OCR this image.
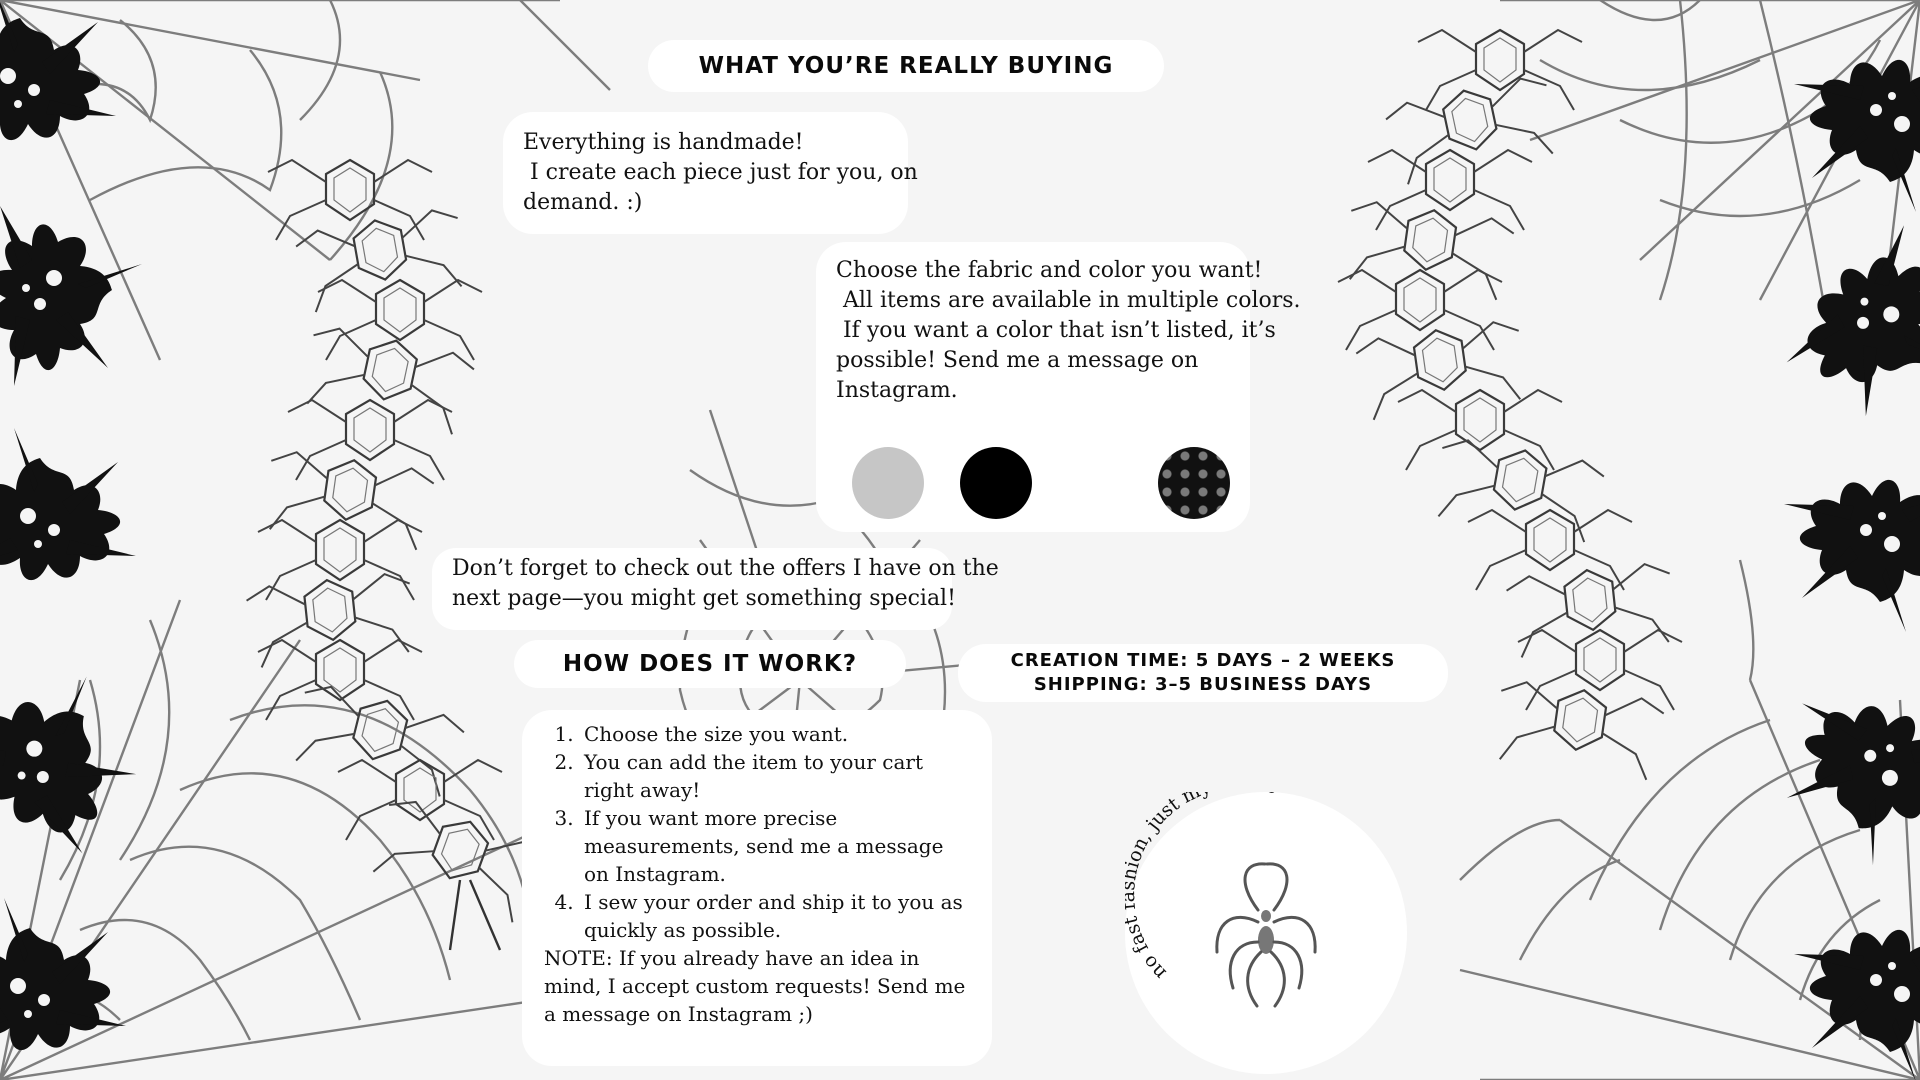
WHAT YOU’RE REALLY BUYING

Everything is handmade!
I create each piece just for you, on
demand. :)

Choose the fabric and color you want!
All items are available in multiple colors.
If you want a color that isn’t listed, it’s
possible! Send me a message on
Instagram.

Don’t forget to check out the offers I have on the
next page—you might get something special!

HOW DOES IT WORK?
1. Choose the size you want.
2. You can add the item to your cart right away!
3. If you want more precise measurements, send me a message on Instagram.
4. I sew your order and ship it to you as quickly as possible.

NOTE: If you already have an idea in mind, I accept custom requests! Send me a message on Instagram ;)

CREATION TIME: 5 DAYS – 2 WEEKS
SHIPPING: 3–5 BUSINESS DAYS
no fa on, just m
